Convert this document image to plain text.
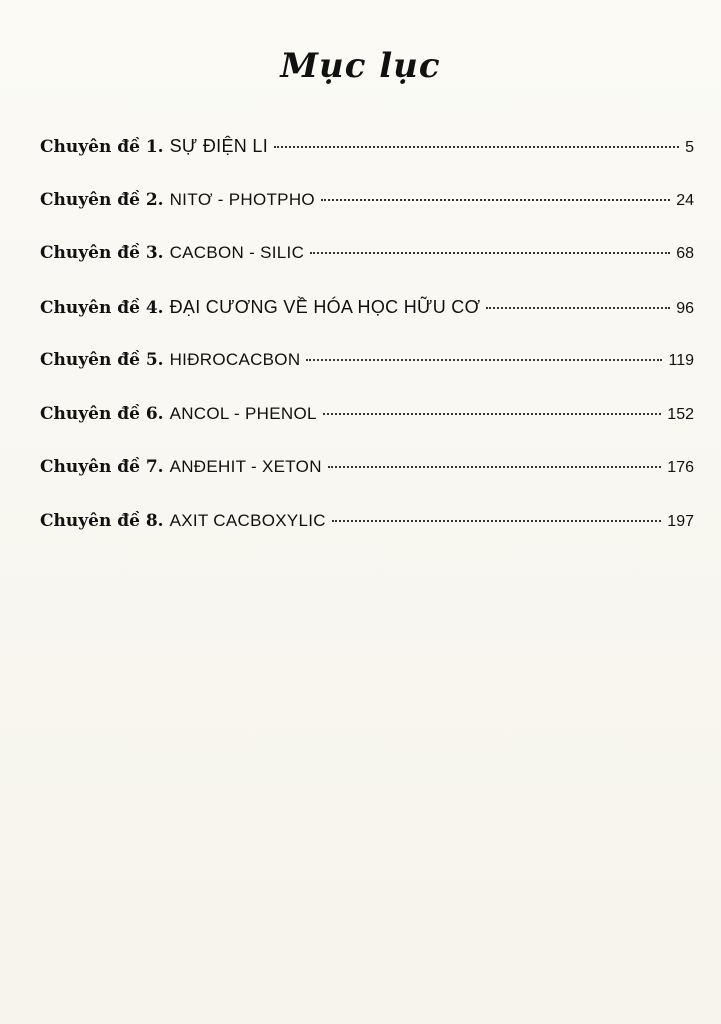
Mục lục
Chuyên đề 1. SỰ ĐIỆN LI	5
Chuyên đề 2. NITƠ - PHOTPHO	24
Chuyên đề 3. CACBON - SILIC	68
Chuyên đề 4. ĐẠI CƯƠNG VỀ HÓA HỌC HỮU CƠ	96
Chuyên đề 5. HIĐROCACBON	119
Chuyên đề 6. ANCOL - PHENOL	152
Chuyên đề 7. ANĐEHIT - XETON	176
Chuyên đề 8. AXIT CACBOXYLIC	197
